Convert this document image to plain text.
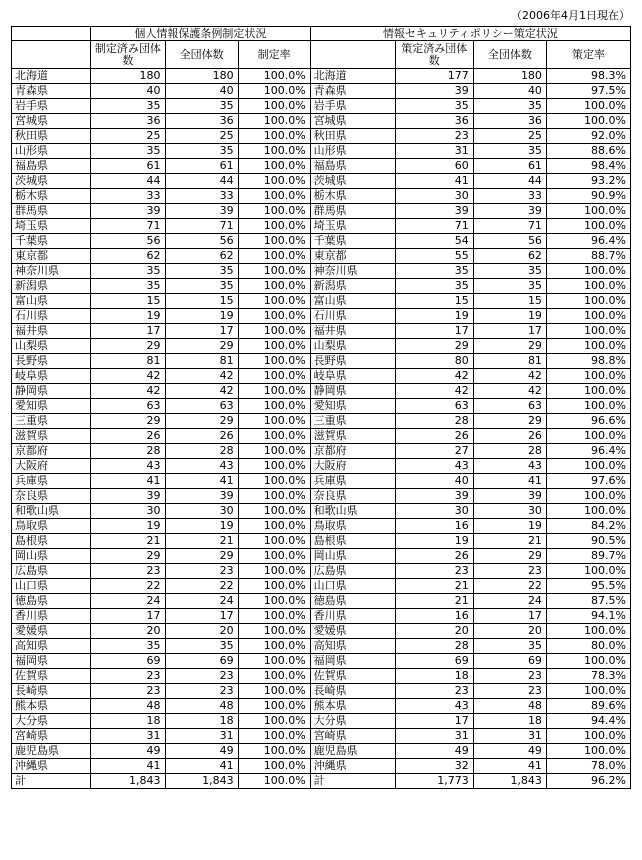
（2006年4月1日現在）
	個人情報保護条例制定状況			情報セキュリティポリシー策定状況			
	制定済み団体数	全団体数	制定率		策定済み団体数	全団体数	策定率
北海道	180	180	100.0%	北海道	177	180	98.3%
青森県	40	40	100.0%	青森県	39	40	97.5%
岩手県	35	35	100.0%	岩手県	35	35	100.0%
宮城県	36	36	100.0%	宮城県	36	36	100.0%
秋田県	25	25	100.0%	秋田県	23	25	92.0%
山形県	35	35	100.0%	山形県	31	35	88.6%
福島県	61	61	100.0%	福島県	60	61	98.4%
茨城県	44	44	100.0%	茨城県	41	44	93.2%
栃木県	33	33	100.0%	栃木県	30	33	90.9%
群馬県	39	39	100.0%	群馬県	39	39	100.0%
埼玉県	71	71	100.0%	埼玉県	71	71	100.0%
千葉県	56	56	100.0%	千葉県	54	56	96.4%
東京都	62	62	100.0%	東京都	55	62	88.7%
神奈川県	35	35	100.0%	神奈川県	35	35	100.0%
新潟県	35	35	100.0%	新潟県	35	35	100.0%
富山県	15	15	100.0%	富山県	15	15	100.0%
石川県	19	19	100.0%	石川県	19	19	100.0%
福井県	17	17	100.0%	福井県	17	17	100.0%
山梨県	29	29	100.0%	山梨県	29	29	100.0%
長野県	81	81	100.0%	長野県	80	81	98.8%
岐阜県	42	42	100.0%	岐阜県	42	42	100.0%
静岡県	42	42	100.0%	静岡県	42	42	100.0%
愛知県	63	63	100.0%	愛知県	63	63	100.0%
三重県	29	29	100.0%	三重県	28	29	96.6%
滋賀県	26	26	100.0%	滋賀県	26	26	100.0%
京都府	28	28	100.0%	京都府	27	28	96.4%
大阪府	43	43	100.0%	大阪府	43	43	100.0%
兵庫県	41	41	100.0%	兵庫県	40	41	97.6%
奈良県	39	39	100.0%	奈良県	39	39	100.0%
和歌山県	30	30	100.0%	和歌山県	30	30	100.0%
鳥取県	19	19	100.0%	鳥取県	16	19	84.2%
島根県	21	21	100.0%	島根県	19	21	90.5%
岡山県	29	29	100.0%	岡山県	26	29	89.7%
広島県	23	23	100.0%	広島県	23	23	100.0%
山口県	22	22	100.0%	山口県	21	22	95.5%
徳島県	24	24	100.0%	徳島県	21	24	87.5%
香川県	17	17	100.0%	香川県	16	17	94.1%
愛媛県	20	20	100.0%	愛媛県	20	20	100.0%
高知県	35	35	100.0%	高知県	28	35	80.0%
福岡県	69	69	100.0%	福岡県	69	69	100.0%
佐賀県	23	23	100.0%	佐賀県	18	23	78.3%
長崎県	23	23	100.0%	長崎県	23	23	100.0%
熊本県	48	48	100.0%	熊本県	43	48	89.6%
大分県	18	18	100.0%	大分県	17	18	94.4%
宮崎県	31	31	100.0%	宮崎県	31	31	100.0%
鹿児島県	49	49	100.0%	鹿児島県	49	49	100.0%
沖縄県	41	41	100.0%	沖縄県	32	41	78.0%
計	1,843	1,843	100.0%	計	1,773	1,843	96.2%
